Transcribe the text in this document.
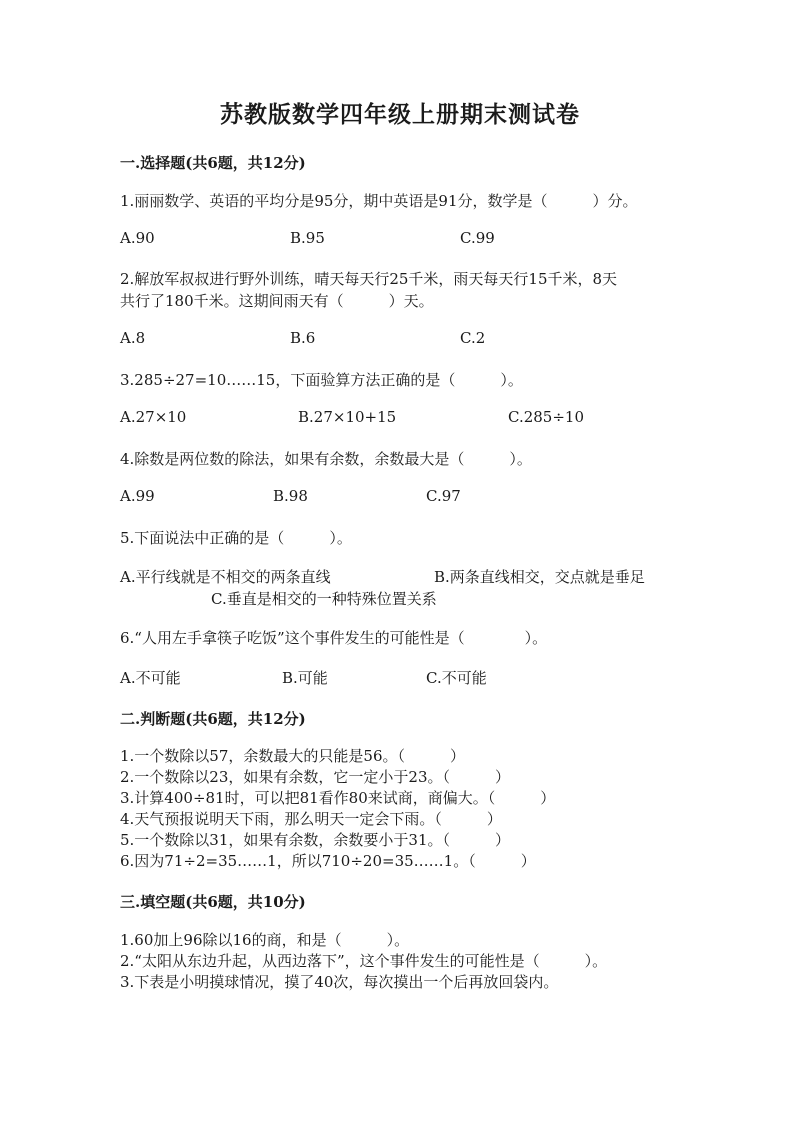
苏教版数学四年级上册期末测试卷
一.选择题(共6题，共12分)
1.丽丽数学、英语的平均分是95分，期中英语是91分，数学是（　　　）分。
A.90	B.95	C.99
2.解放军叔叔进行野外训练，晴天每天行25千米，雨天每天行15千米，8天
共行了180千米。这期间雨天有（　　　）天。
A.8	B.6	C.2
3.285÷27=10……15，下面验算方法正确的是（　　　）。
A.27×10	B.27×10+15	C.285÷10
4.除数是两位数的除法，如果有余数，余数最大是（　　　）。
A.99	B.98	C.97
5.下面说法中正确的是（　　　）。
A.平行线就是不相交的两条直线	B.两条直线相交，交点就是垂足
C.垂直是相交的一种特殊位置关系
6.“人用左手拿筷子吃饭”这个事件发生的可能性是（　　　　）。
A.不可能	B.可能	C.不可能
二.判断题(共6题，共12分)
1.一个数除以57，余数最大的只能是56。（　　　）
2.一个数除以23，如果有余数，它一定小于23。（　　　）
3.计算400÷81时，可以把81看作80来试商，商偏大。（　　　）
4.天气预报说明天下雨，那么明天一定会下雨。（　　　）
5.一个数除以31，如果有余数，余数要小于31。（　　　）
6.因为71÷2=35……1，所以710÷20=35……1。（　　　）
三.填空题(共6题，共10分)
1.60加上96除以16的商，和是（　　　）。
2.“太阳从东边升起，从西边落下”，这个事件发生的可能性是（　　　）。
3.下表是小明摸球情况，摸了40次，每次摸出一个后再放回袋内。
